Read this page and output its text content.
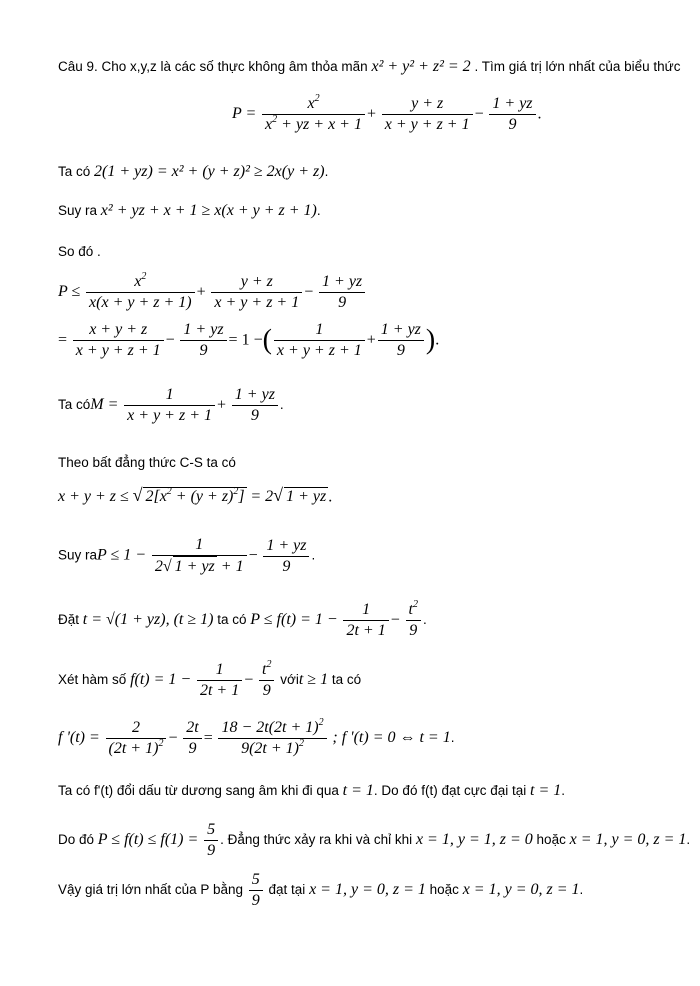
Câu 9. Cho x,y,z là các số thực không âm thỏa mãn x² + y² + z² = 2 . Tìm giá trị lớn nhất của biểu thức
$P = \frac{x^2}{x^2 + yz + x + 1} + \frac{y + z}{x + y + z + 1} - \frac{1 + yz}{9}$ .
Ta có 2(1 + yz) = x² + (y + z)² ≥ 2x(y + z).
Suy ra x² + yz + x + 1 ≥ x(x + y + z + 1).
So đó .
$P \le \frac{x^2}{x(x + y + z + 1)} + \frac{y + z}{x + y + z + 1} - \frac{1 + yz}{9}$
= $\frac{x + y + z}{x + y + z + 1} - \frac{1 + yz}{9} = 1$ −( $\frac{1}{x + y + z + 1} + \frac{1 + yz}{9}$ ).
Ta cóM = $\frac{1}{x + y + z + 1} + \frac{1 + yz}{9}$ .
Theo bất đẳng thức C-S ta có
x + y + z ≤ √ $2[x^2 + (y + z)^2] = 2√$ 1 + yz .
Suy raP ≤ $1 - \frac{1}{2√ 1 + yz + 1} - \frac{1 + yz}{9}$ .
Đặt t = √(1 + yz), (t ≥ 1) ta có $P \le f(t) = 1 - \frac{1}{2t + 1} - \frac{t^2}{9}$ .
Xét hàm số $f(t) = 1 - \frac{1}{2t + 1} - \frac{t^2}{9}$ vớit ≥ 1 ta có
f '$(t) = \frac{2}{(2t + 1)^2} - \frac{2t}{9} = \frac{18 - 2t(2t + 1)^2}{9(2t + 1)^2}$ ; f '(t) = 0 ⇔ t = 1.
Ta có f'(t) đổi dấu từ dương sang âm khi đi qua t = 1. Do đó f(t) đạt cực đại tại t = 1.
Do đó $P \le f(t) \le f(1) = \frac{5}{9}$ . Đẳng thức xảy ra khi và chỉ khi x = 1, y = 1, z = 0 hoặc x = 1, y = 0, z = 1.
Vậy giá trị lớn nhất của P bằng $\frac{5}{9}$ đạt tại x = 1, y = 0, z = 1 hoặc x = 1, y = 0, z = 1.
